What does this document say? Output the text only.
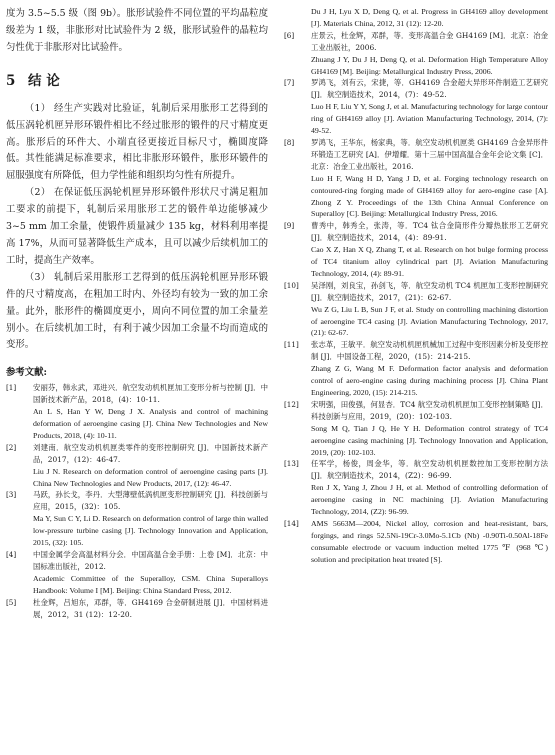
度为 3.5~5.5 级（图 9b）。胀形试验件不同位置的平均晶粒度级差为 1 级，非胀形对比试验件为 2 级，胀形试验件的晶粒均匀性优于非胀形对比试验件。

5 结 论

（1） 经生产实践对比验证，轧制后采用胀形工艺得到的低压涡轮机匣异形环锻件相比不经过胀形的锻件的尺寸精度更高。胀形后的环件大、小端直径更接近目标尺寸，椭圆度降低。其性能满足标准要求，相比非胀形环锻件，胀形环锻件的屈服强度有所降低，但力学性能和组织均匀性有所提升。

（2） 在保证低压涡轮机匣异形环锻件形状尺寸满足粗加工要求的前提下，轧制后采用胀形工艺的锻件单边能够减少 3~5 mm 加工余量，使锻件质量减少 135 kg，材料利用率提高 17%，从而可显著降低生产成本，且可以减少后续机加工的工时，提高生产效率。

（3） 轧制后采用胀形工艺得到的低压涡轮机匣异形环锻件的尺寸精度高，在粗加工时内、外径均有较为一致的加工余量。此外，胀形件的椭圆度更小，周向不同位置的加工余量差别小。在后续机加工时，有利于减少因加工余量不均而造成的变形。

参考文献:
[1] 安丽芬，韩永武，邓进兴．航空发动机机匣加工变形分析与控制 [J]．中国新技术新产品，2018，(4)：10-11.
An L S, Han Y W, Deng J X. Analysis and control of machining deformation of aeroengine casing [J]. China New Technologies and New Products, 2018, (4): 10-11.
[2] 刘建南．航空发动机机匣类零件的变形控制研究 [J]．中国新技术新产品，2017，(12)：46-47.
Liu J N. Research on deformation control of aeroengine casing parts [J]. China New Technologies and New Products, 2017, (12): 46-47.
[3] 马跃，孙长戈，李丹．大型薄壁低涡机匣变形控制研究 [J]．科技创新与应用，2015，(32)：105.
Ma Y, Sun C Y, Li D. Research on deformation control of large thin walled low-pressure turbine casing [J]. Technology Innovation and Application, 2015, (32): 105.
[4] 中国金属学会高温材料分会．中国高温合金手册：上卷 [M]．北京：中国标准出版社，2012.
Academic Committee of the Superalloy, CSM. China Superalloys Handbook: Volume I [M]. Beijing: China Standard Press, 2012.
[5] 杜金辉，吕旭东，邓群，等．GH4169 合金研制进展 [J]．中国材料进展，2012，31 (12)：12-20.
Du J H, Lyu X D, Deng Q, et al. Progress in GH4169 alloy development [J]. Materials China, 2012, 31 (12): 12-20.
[6] 庄景云，杜金辉，邓群，等．变形高温合金 GH4169 [M]．北京：冶金工业出版社，2006.
Zhuang J Y, Du J H, Deng Q, et al. Deformation High Temperature Alloy GH4169 [M]. Beijing: Metallurgical Industry Press, 2006.
[7] 罗鸿飞，刘有云，宋捷，等．GH4169 合金超大异形环件制造工艺研究 [J]．航空制造技术，2014，(7)：49-52.
Luo H F, Liu Y Y, Song J, et al. Manufacturing technology for large contour ring of GH4169 alloy [J]. Aviation Manufacturing Technology, 2014, (7): 49-52.
[8] 罗鸿飞，王华东，杨家典，等．航空发动机机匣类 GH4169 合金异形件环锻造工艺研究 [A]．伊增耀．第十三届中国高温合金年会论文集 [C]．北京：冶金工业出版社，2016.
Luo H F, Wang H D, Yang J D, et al. Forging technology research on contoured-ring forging made of GH4169 alloy for aero-engine case [A]. Zhong Z Y. Proceedings of the 13th China Annual Conference on Superalloy [C]. Beijing: Metallurgical Industry Press, 2016.
[9] 曹秀中，韩秀全，张涛，等．TC4 钛合金筒形件分瓣热胀形工艺研究 [J]．航空制造技术，2014，(4)：89-91.
Cao X Z, Han X Q, Zhang T, et al. Research on hot bulge forming process of TC4 titanium alloy cylindrical part [J]. Aviation Manufacturing Technology, 2014, (4): 89-91.
[10] 吴泽刚，刘良宝，孙剑飞，等．航空发动机 TC4 机匣加工变形控制研究 [J]．航空制造技术，2017，(21)：62-67.
Wu Z G, Liu L B, Sun J F, et al. Study on controlling machining distortion of aeroengine TC4 casing [J]. Aviation Manufacturing Technology, 2017, (21): 62-67.
[11] 张志革，王敏平．航空发动机机匣机械加工过程中变形因素分析及变形控制 [J]．中国设备工程，2020，(15)：214-215.
Zhang Z G, Wang M F. Deformation factor analysis and deformation control of aero-engine casing during machining process [J]. China Plant Engineering, 2020, (15): 214-215.
[12] 宋明强，田俊强，何显杏．TC4 航空发动机机匣加工变形控制策略 [J]．科技创新与应用，2019，(20)：102-103.
Song M Q, Tian J Q, He Y H. Deformation control strategy of TC4 aeroengine casing machining [J]. Technology Innovation and Application, 2019, (20): 102-103.
[13] 任军学，杨俊，周金华，等．航空发动机机匣数控加工变形控制方法 [J]．航空制造技术，2014，(Z2)：96-99.
Ren J X, Yang J, Zhou J H, et al. Method of controlling deformation of aeroengine casing in NC machining [J]. Aviation Manufacturing Technology, 2014, (Z2): 96-99.
[14] AMS 5663M—2004, Nickel alloy, corrosion and heat-resistant, bars, forgings, and rings 52.5Ni-19Cr-3.0Mo-5.1Cb (Nb) -0.90Ti-0.50Al-18Fe consumable electrode or vacuum induction melted 1775 ℉ (968 ℃) solution and precipitation heat treated [S].
